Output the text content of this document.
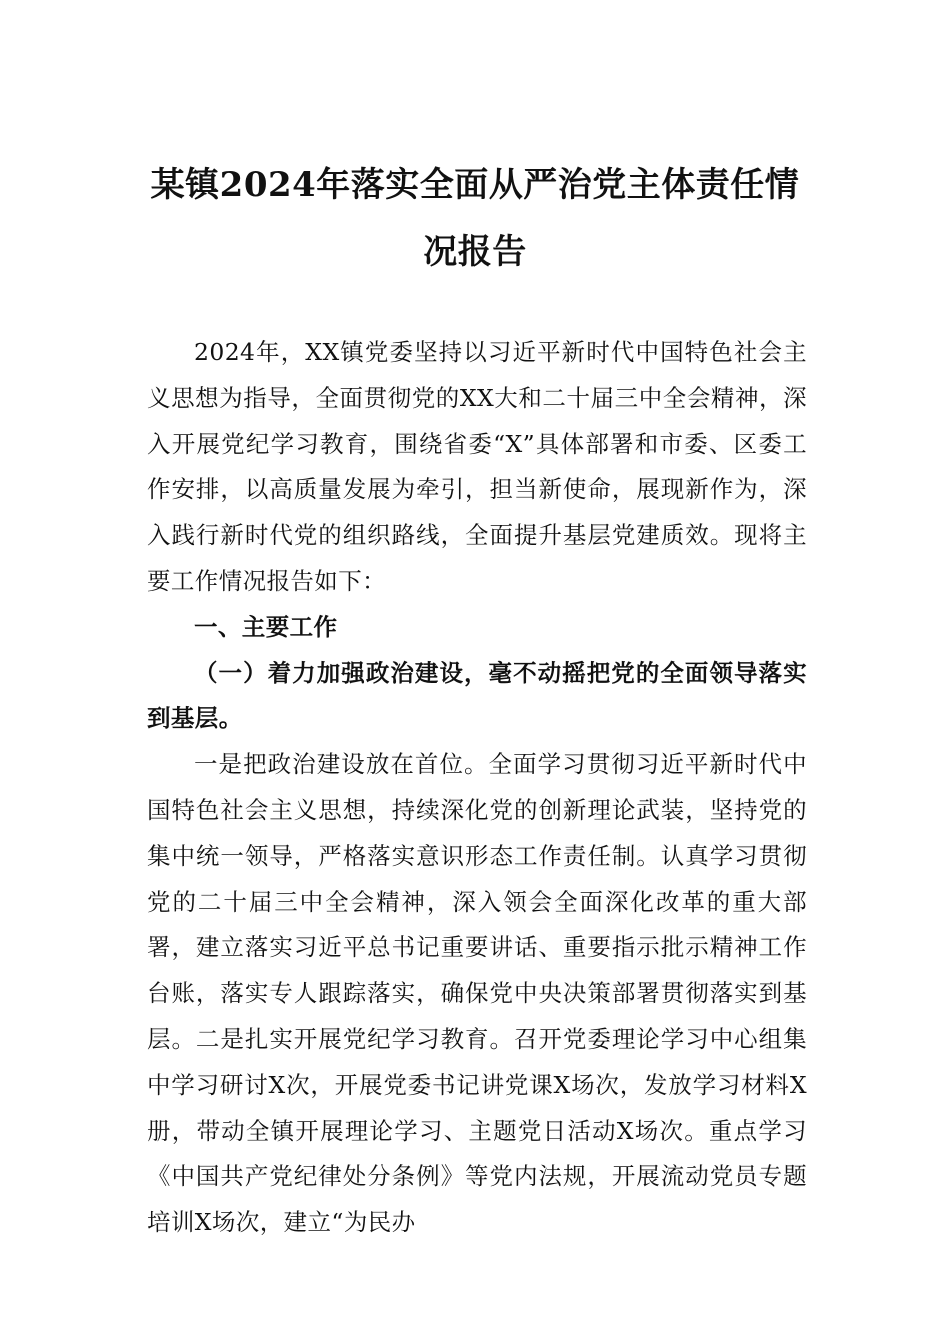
某镇2024年落实全面从严治党主体责任情况报告

2024年，XX镇党委坚持以习近平新时代中国特色社会主义思想为指导，全面贯彻党的XX大和二十届三中全会精神，深入开展党纪学习教育，围绕省委“X”具体部署和市委、区委工作安排，以高质量发展为牵引，担当新使命，展现新作为，深入践行新时代党的组织路线，全面提升基层党建质效。现将主要工作情况报告如下：

一、主要工作

（一）着力加强政治建设，毫不动摇把党的全面领导落实到基层。

一是把政治建设放在首位。全面学习贯彻习近平新时代中国特色社会主义思想，持续深化党的创新理论武装，坚持党的集中统一领导，严格落实意识形态工作责任制。认真学习贯彻党的二十届三中全会精神，深入领会全面深化改革的重大部署，建立落实习近平总书记重要讲话、重要指示批示精神工作台账，落实专人跟踪落实，确保党中央决策部署贯彻落实到基层。二是扎实开展党纪学习教育。召开党委理论学习中心组集中学习研讨X次，开展党委书记讲党课X场次，发放学习材料X册，带动全镇开展理论学习、主题党日活动X场次。重点学习《中国共产党纪律处分条例》等党内法规，开展流动党员专题培训X场次，建立“为民办
